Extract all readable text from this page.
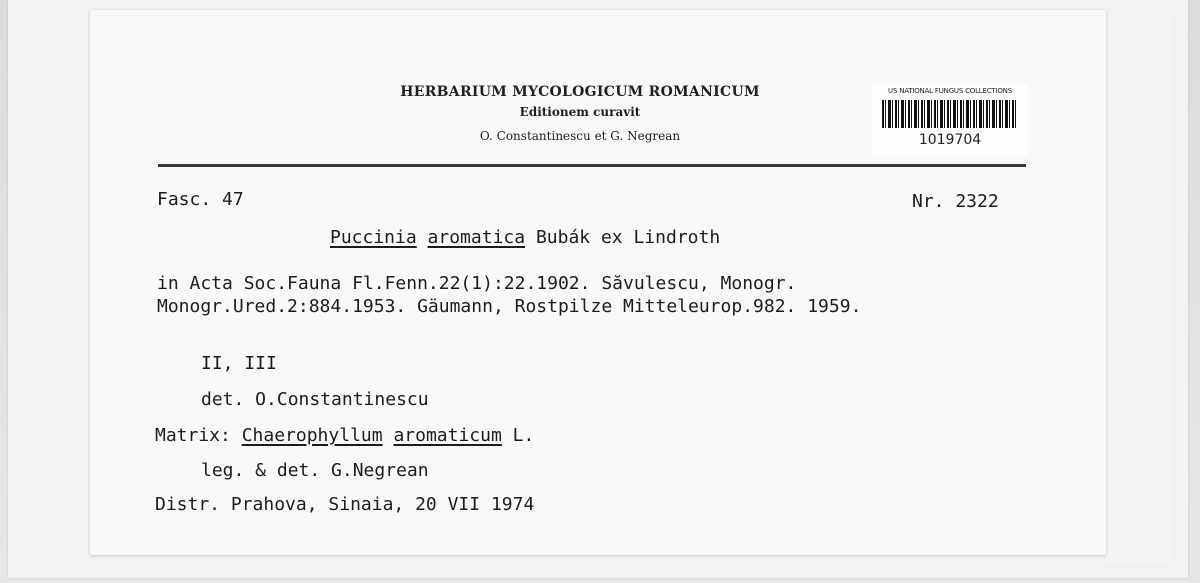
HERBARIUM MYCOLOGICUM ROMANICUM
Editionem curavit
O. Constantinescu et G. Negrean
US NATIONAL FUNGUS COLLECTIONS
1019704
Fasc. 47	Nr. 2322
Puccinia aromatica Bubák ex Lindroth
in Acta Soc.Fauna Fl.Fenn.22(1):22.1902. Săvulescu, Monogr. Monogr.Ured.2:884.1953. Gäumann, Rostpilze Mitteleurop.982. 1959.
II, III
det. O.Constantinescu
Matrix: Chaerophyllum aromaticum L.
leg. & det. G.Negrean
Distr. Prahova, Sinaia, 20 VII 1974
